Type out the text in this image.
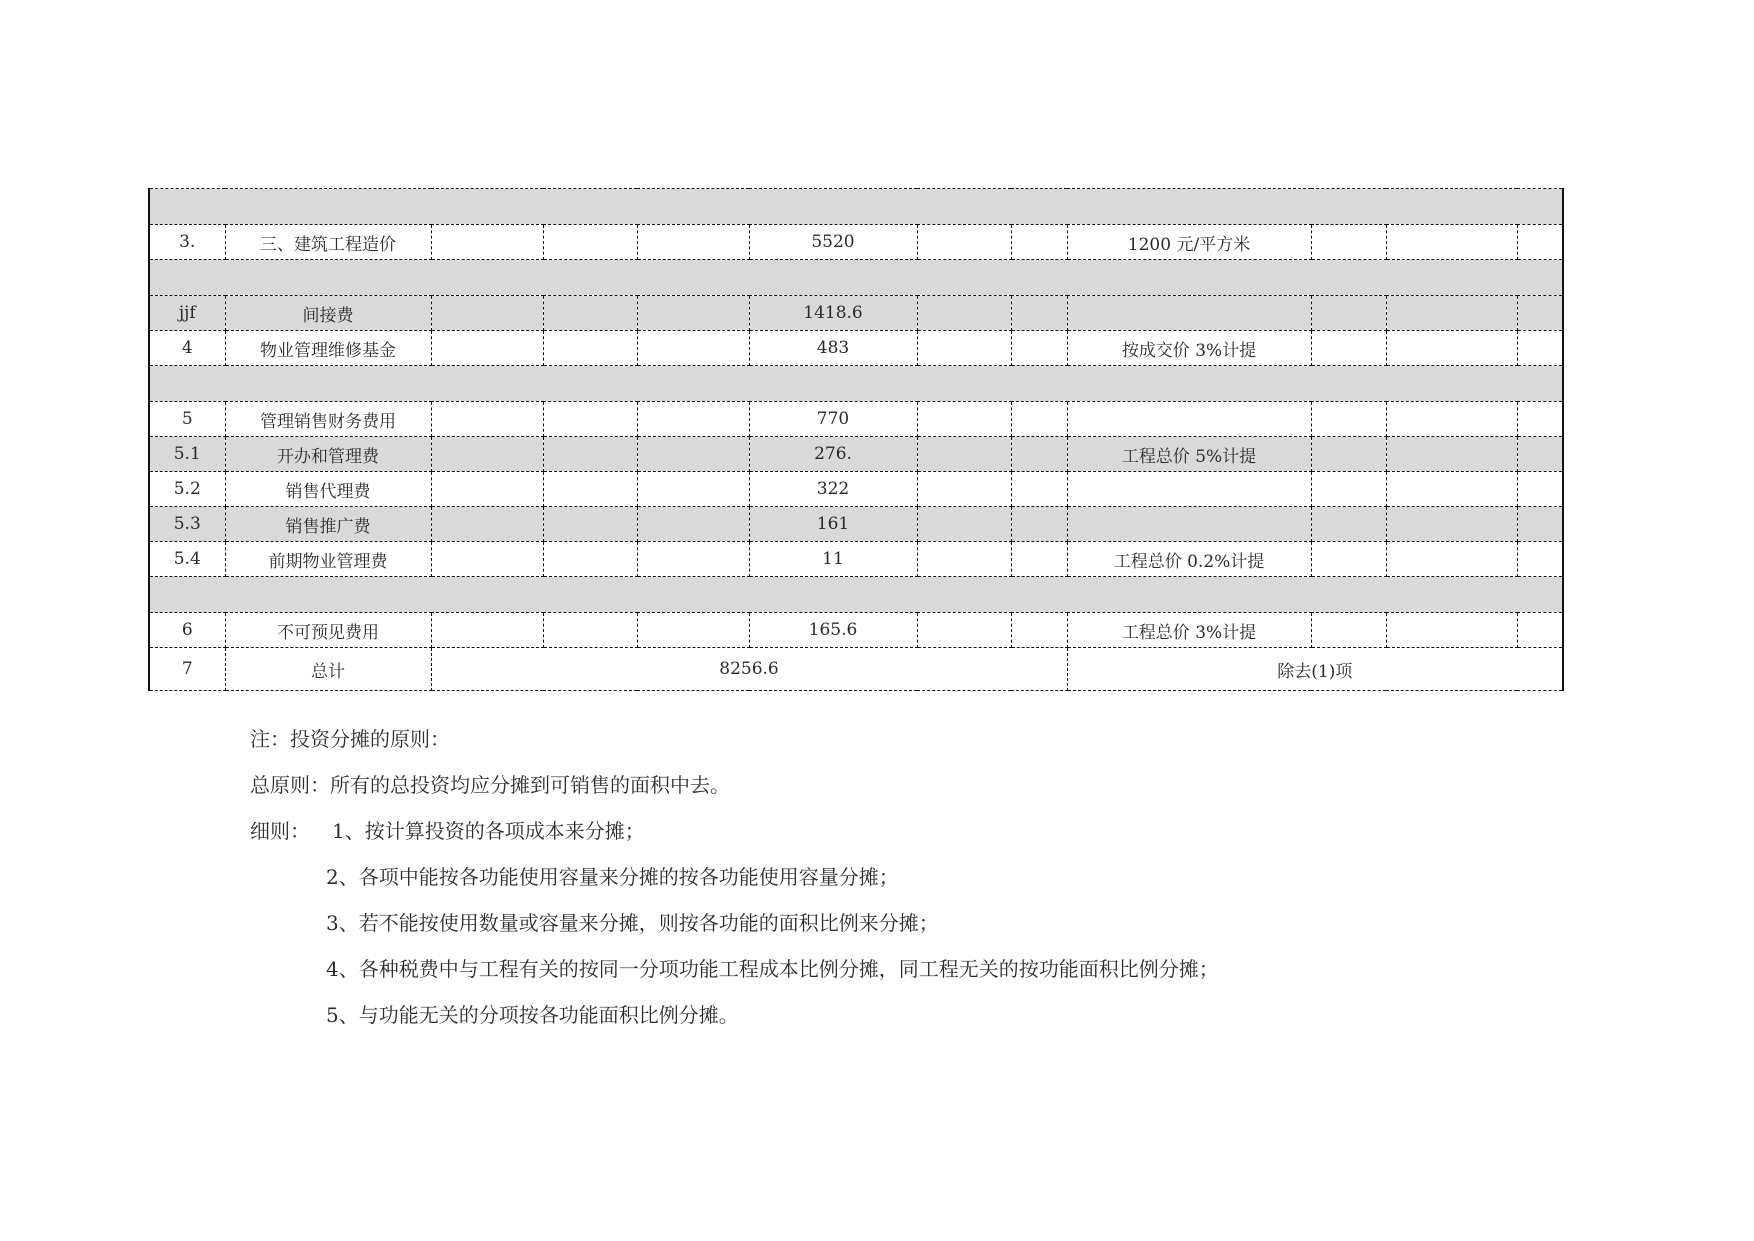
3.	三、建筑工程造价				5520			1200 元/平方米			

jjf	间接费				1418.6						
4	物业管理维修基金				483			按成交价 3%计提			

5	管理销售财务费用				770						
5.1	开办和管理费				276.			工程总价 5%计提			
5.2	销售代理费				322						
5.3	销售推广费				161						
5.4	前期物业管理费				11			工程总价 0.2%计提			

6	不可预见费用				165.6			工程总价 3%计提			
7	总计	8256.6						除去(1)项			

注：投资分摊的原则：

总原则：所有的总投资均应分摊到可销售的面积中去。

细则： 1、按计算投资的各项成本来分摊；

2、各项中能按各功能使用容量来分摊的按各功能使用容量分摊；

3、若不能按使用数量或容量来分摊，则按各功能的面积比例来分摊；

4、各种税费中与工程有关的按同一分项功能工程成本比例分摊，同工程无关的按功能面积比例分摊；

5、与功能无关的分项按各功能面积比例分摊。
